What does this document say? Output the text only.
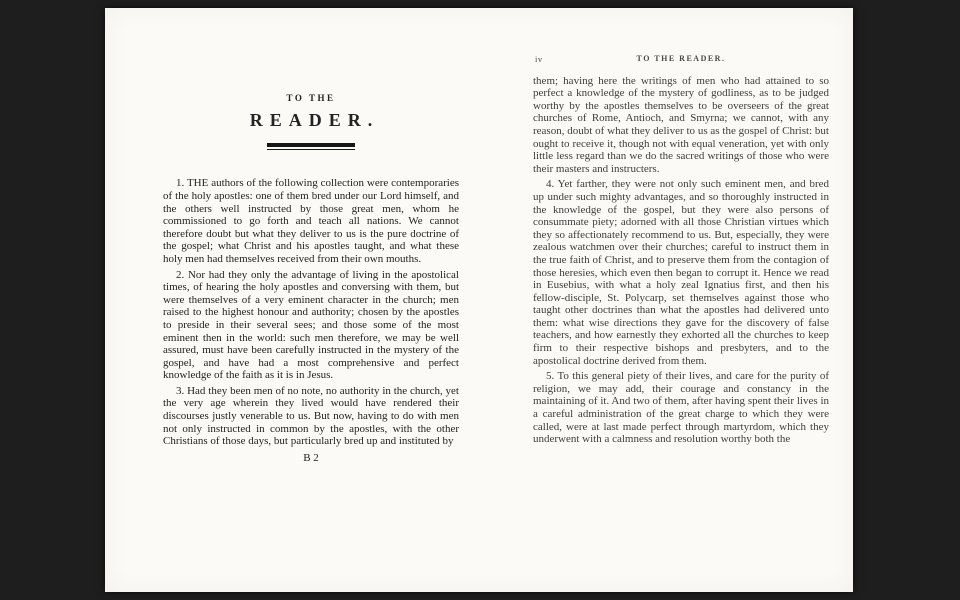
TO THE
READER.

1. THE authors of the following collection were contemporaries of the holy apostles: one of them bred under our Lord himself, and the others well instructed by those great men, whom he commissioned to go forth and teach all nations. We cannot therefore doubt but what they deliver to us is the pure doctrine of the gospel; what Christ and his apostles taught, and what these holy men had themselves received from their own mouths.

2. Nor had they only the advantage of living in the apostolical times, of hearing the holy apostles and conversing with them, but were themselves of a very eminent character in the church; men raised to the highest honour and authority; chosen by the apostles to preside in their several sees; and those some of the most eminent then in the world: such men therefore, we may be well assured, must have been carefully instructed in the mystery of the gospel, and have had a most comprehensive and perfect knowledge of the faith as it is in Jesus.

3. Had they been men of no note, no authority in the church, yet the very age wherein they lived would have rendered their discourses justly venerable to us. But now, having to do with men not only instructed in common by the apostles, with the other Christians of those days, but particularly bred up and instituted by

B 2
iv	TO THE READER.

them; having here the writings of men who had attained to so perfect a knowledge of the mystery of godliness, as to be judged worthy by the apostles themselves to be overseers of the great churches of Rome, Antioch, and Smyrna; we cannot, with any reason, doubt of what they deliver to us as the gospel of Christ: but ought to receive it, though not with equal veneration, yet with only little less regard than we do the sacred writings of those who were their masters and instructers.

4. Yet farther, they were not only such eminent men, and bred up under such mighty advantages, and so thoroughly instructed in the knowledge of the gospel, but they were also persons of consummate piety; adorned with all those Christian virtues which they so affectionately recommend to us. But, especially, they were zealous watchmen over their churches; careful to instruct them in the true faith of Christ, and to preserve them from the contagion of those heresies, which even then began to corrupt it. Hence we read in Eusebius, with what a holy zeal Ignatius first, and then his fellow-disciple, St. Polycarp, set themselves against those who taught other doctrines than what the apostles had delivered unto them: what wise directions they gave for the discovery of false teachers, and how earnestly they exhorted all the churches to keep firm to their respective bishops and presbyters, and to the apostolical doctrine derived from them.

5. To this general piety of their lives, and care for the purity of religion, we may add, their courage and constancy in the maintaining of it. And two of them, after having spent their lives in a careful administration of the great charge to which they were called, were at last made perfect through martyrdom, which they underwent with a calmness and resolution worthy both the
